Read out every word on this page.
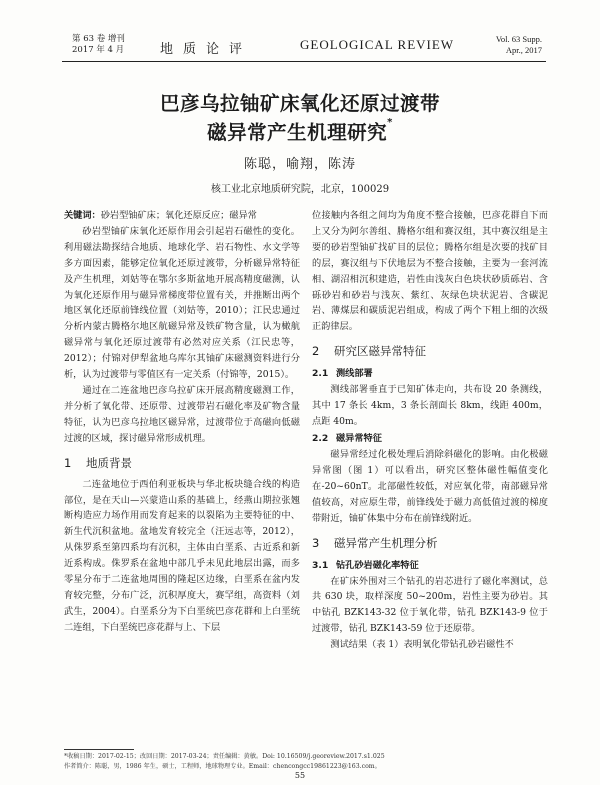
第 63 卷 增刊
2017 年 4 月	地质论评	GEOLOGICAL REVIEW	Vol. 63 Supp.
Apr., 2017
巴彦乌拉铀矿床氧化还原过渡带
磁异常产生机理研究*
陈聪，喻翔，陈涛
核工业北京地质研究院，北京，100029
关键词：砂岩型铀矿床；氧化还原反应；磁异常
砂岩型铀矿床氧化还原作用会引起岩石磁性的变化。利用磁法勘探结合地质、地球化学、岩石物性、水文学等多方面因素，能够定位氧化还原过渡带，分析磁异常特征及产生机理，刘姑等在鄂尔多斯盆地开展高精度磁测，认为氧化还原作用与磁异常梯度带位置有关，并推断出两个地区氧化还原前锋线位置（刘姑等，2010）；江民忠通过分析内蒙古腾格尔地区航磁异常及铁矿物含量，认为橄航磁异常与氧化还原过渡带有必然对应关系（江民忠等，2012）；付锦对伊犁盆地乌库尔其铀矿床磁测资料进行分析，认为过渡带与零值区有一定关系（付锦等，2015）。
通过在二连盆地巴彦乌拉矿床开展高精度磁测工作，并分析了氧化带、还原带、过渡带岩石磁化率及矿物含量特征，认为巴彦乌拉地区磁异常，过渡带位于高磁向低磁过渡的区域，探讨磁异常形成机理。
1 地质背景
二连盆地位于西伯利亚板块与华北板块缝合线的构造部位，是在天山—兴蒙造山系的基础上，经燕山期拉张翘断构造应力场作用而发育起来的以裂陷为主要特征的中、新生代沉积盆地。盆地发育较完全（汪远志等，2012），从侏罗系至第四系均有沉积，主体由白垩系、古近系和新近系构成。侏罗系在盆地中部几乎未见此地层出露，而多零星分布于二连盆地周围的隆起区边缘，白垩系在盆内发育较完整，分布广泛，沉积厚度大，赛罕组，高资料（刘武生，2004）。白垩系分为下白垩统巴彦花群和上白垩统二连组，下白垩统巴彦花群与上、下层
位接触内各组之间均为角度不整合接触，巴彦花群自下而上又分为阿尔善组、腾格尔组和赛汉组，其中赛汉组是主要的砂岩型铀矿找矿目的层位；腾格尔组是次要的找矿目的层，赛汉组与下伏地层为不整合接触，主要为一套河流相、湖沼相沉积建造，岩性由浅灰白色块状砂质砾岩、含砾砂岩和砂岩与浅灰、紫红、灰绿色块状泥岩、含碳泥岩、薄煤层和碳质泥岩组成，构成了两个下粗上细的次级正韵律层。
2 研究区磁异常特征
2.1 测线部署
测线部署垂直于已知矿体走向，共布设 20 条测线，其中 17 条长 4km，3 条长剖面长 8km，线距 400m，点距 40m。
2.2 磁异常特征
磁异常经过化极处理后消除斜磁化的影响。由化极磁异常图（图 1）可以看出，研究区整体磁性幅值变化在-20~60nT。北部磁性较低，对应氧化带，南部磁异常值较高，对应原生带，前锋线处于磁力高低值过渡的梯度带附近，铀矿体集中分布在前锋线附近。
3 磁异常产生机理分析
3.1 钻孔砂岩磁化率特征
在矿床外围对三个钻孔的岩芯进行了磁化率测试，总共 630 块，取样深度 50~200m，岩性主要为砂岩。其中钻孔 BZK143-32 位于氧化带，钻孔 BZK143-9 位于过渡带，钻孔 BZK143-59 位于还原带。
测试结果（表 1）表明氧化带钻孔砂岩磁性不
*收稿日期：2017-02-15；改回日期：2017-03-24；责任编辑：黄敏。Doi: 10.16509/j.georeview.2017.s1.025
作者简介：陈聪，男，1986 年生，硕士，工程师，地球物理专业。Email：chencongcc19861223@163.com。
55
